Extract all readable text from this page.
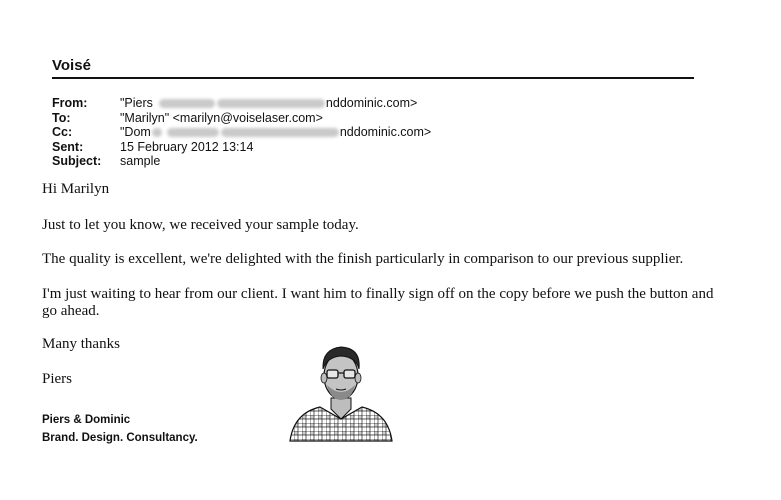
Voisé
From:	"Piers	nddominic.com>
To:	"Marilyn" <marilyn@voiselaser.com>
Cc:	"Dom	nddominic.com>
Sent:	15 February 2012 13:14
Subject:	sample

Hi Marilyn

Just to let you know, we received your sample today.

The quality is excellent, we're delighted with the finish particularly in comparison to our previous supplier.

I'm just waiting to hear from our client. I want him to finally sign off on the copy before we push the button and go ahead.

Many thanks

Piers

Piers & Dominic
Brand. Design. Consultancy.
